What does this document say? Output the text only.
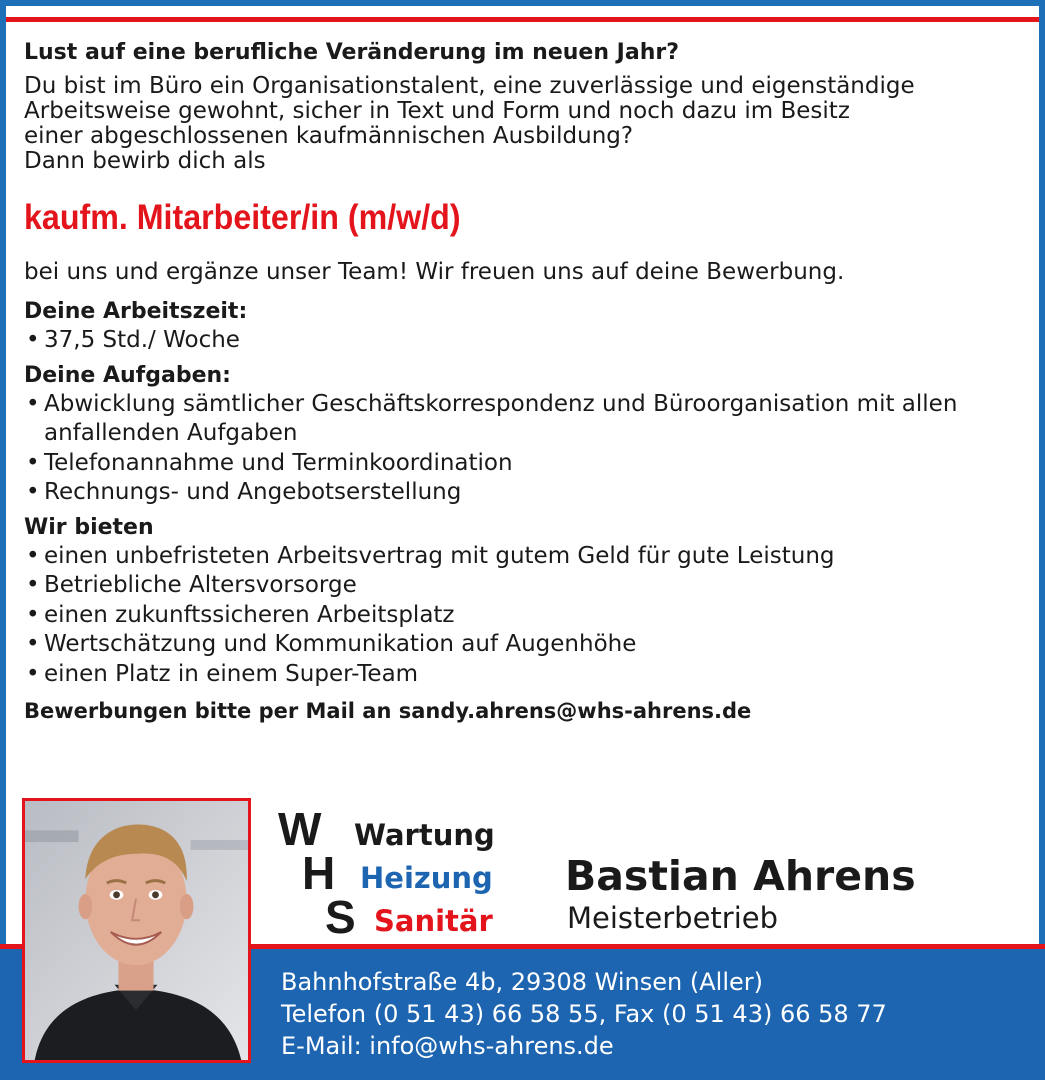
Lust auf eine berufliche Veränderung im neuen Jahr?
Du bist im Büro ein Organisationstalent, eine zuverlässige und eigenständige
Arbeitsweise gewohnt, sicher in Text und Form und noch dazu im Besitz
einer abgeschlossenen kaufmännischen Ausbildung?
Dann bewirb dich als
kaufm. Mitarbeiter/in (m/w/d)
bei uns und ergänze unser Team! Wir freuen uns auf deine Bewerbung.
Deine Arbeitszeit:
• 37,5 Std./ Woche
Deine Aufgaben:
• Abwicklung sämtlicher Geschäftskorrespondenz und Büroorganisation mit allen anfallenden Aufgaben
• Telefonannahme und Terminkoordination
• Rechnungs- und Angebotserstellung
Wir bieten
• einen unbefristeten Arbeitsvertrag mit gutem Geld für gute Leistung
• Betriebliche Altersvorsorge
• einen zukunftssicheren Arbeitsplatz
• Wertschätzung und Kommunikation auf Augenhöhe
• einen Platz in einem Super-Team
Bewerbungen bitte per Mail an sandy.ahrens@whs-ahrens.de
W
H
S
Wartung
Heizung
Sanitär
Bastian Ahrens
Meisterbetrieb
Bahnhofstraße 4b, 29308 Winsen (Aller)
Telefon (0 51 43) 66 58 55, Fax (0 51 43) 66 58 77
E-Mail: info@whs-ahrens.de
